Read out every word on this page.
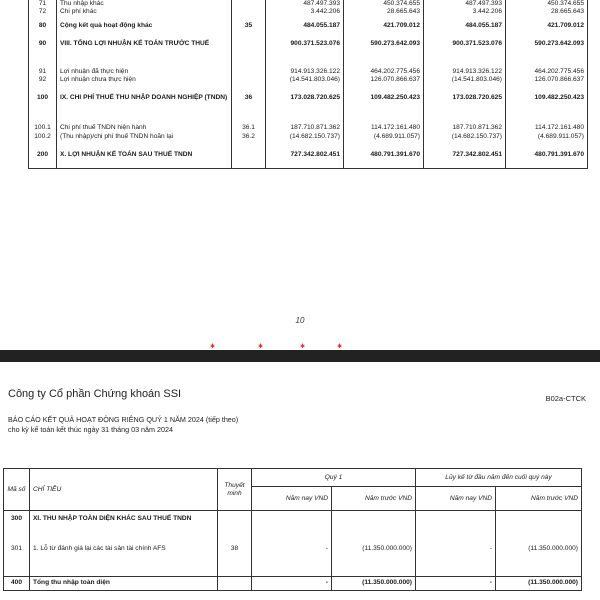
71	Thu nhập khác		487.497.393	450.374.655	487.497.393	450.374.655
72	Chi phí khác		3.442.206	28.665.643	3.442.206	28.665.643
80	Cộng kết quả hoạt động khác	35	484.055.187	421.709.012	484.055.187	421.709.012
90	VIII. TỔNG LỢI NHUẬN KẾ TOÁN TRƯỚC THUẾ		900.371.523.076	590.273.642.093	900.371.523.076	590.273.642.093
91	Lợi nhuận đã thực hiện		914.913.326.122	464.202.775.456	914.913.326.122	464.202.775.456
92	Lợi nhuận chưa thực hiện		(14.541.803.046)	126.070.866.637	(14.541.803.046)	126.070.866.637
100	IX. CHI PHÍ THUẾ THU NHẬP DOANH NGHIỆP (TNDN)	36	173.028.720.625	109.482.250.423	173.028.720.625	109.482.250.423
100.1	Chi phí thuế TNDN hiện hành	36.1	187.710.871.362	114.172.161.480	187.710.871.362	114.172.161.480
100.2	(Thu nhập)/chi phí thuế TNDN hoãn lại	36.2	(14.682.150.737)	(4.689.911.057)	(14.682.150.737)	(4.689.911.057)
200	X. LỢI NHUẬN KẾ TOÁN SAU THUẾ TNDN		727.342.802.451	480.791.391.670	727.342.802.451	480.791.391.670
10
✱	✱	✱	✱
Công ty Cổ phần Chứng khoán SSI	B02a-CTCK
BÁO CÁO KẾT QUẢ HOẠT ĐỘNG RIÊNG QUÝ 1 NĂM 2024 (tiếp theo)
cho kỳ kế toán kết thúc ngày 31 tháng 03 năm 2024
Mã số	CHỈ TIÊU	Thuyết minh	Quý 1		Lũy kế từ đầu năm đến cuối quý này	
			Năm nay VND	Năm trước VND	Năm nay VND	Năm trước VND
300	XI. THU NHẬP TOÀN DIỆN KHÁC SAU THUẾ TNDN					
301	1. Lỗ từ đánh giá lại các tài sản tài chính AFS	38	-	(11.350.000.000)	-	(11.350.000.000)
400	Tổng thu nhập toàn diện		-	(11.350.000.000)	-	(11.350.000.000)
